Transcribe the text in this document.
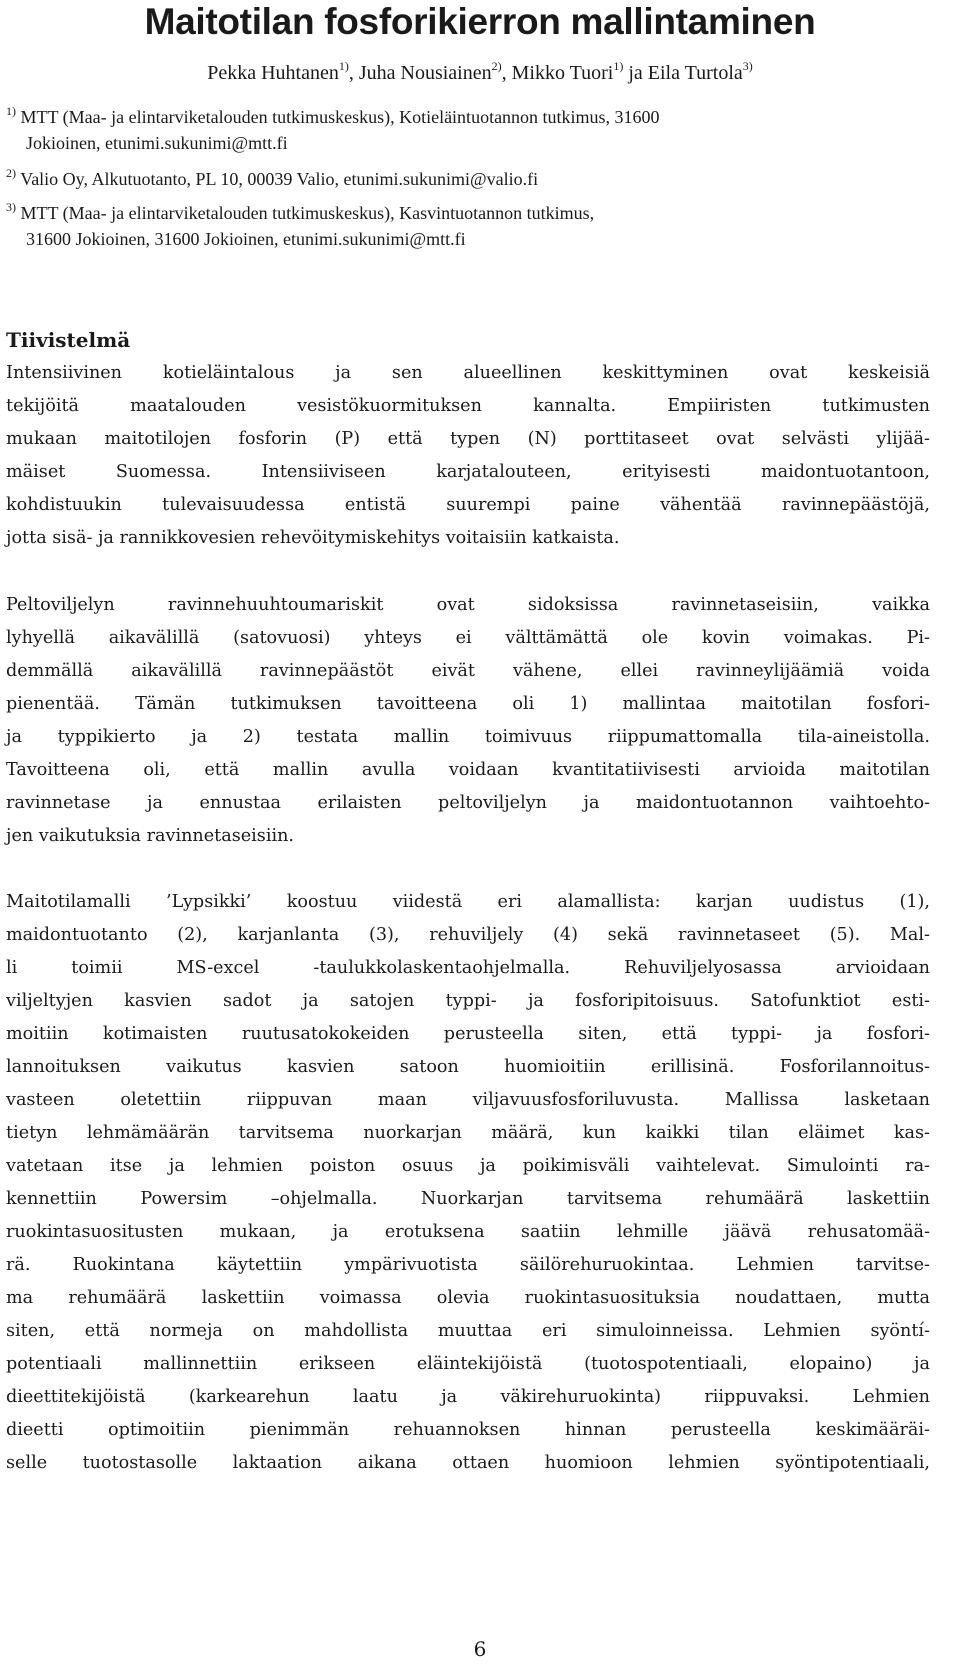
Maitotilan fosforikierron mallintaminen
Pekka Huhtanen$^{1)}$, Juha Nousiainen$^{2)}$, Mikko Tuori$^{1)}$ ja Eila Turtola$^{3)}$
$^{1)}$ MTT (Maa- ja elintarviketalouden tutkimuskeskus), Kotieläintuotannon tutkimus, 31600
Jokioinen, etunimi.sukunimi@mtt.fi
$^{2)}$ Valio Oy, Alkutuotanto, PL 10, 00039 Valio, etunimi.sukunimi@valio.fi
$^{3)}$ MTT (Maa- ja elintarviketalouden tutkimuskeskus), Kasvintuotannon tutkimus,
31600 Jokioinen, 31600 Jokioinen, etunimi.sukunimi@mtt.fi
Tiivistelmä
Intensiivinen kotieläintalous ja sen alueellinen keskittyminen ovat keskeisiä
tekijöitä maatalouden vesistökuormituksen kannalta. Empiiristen tutkimusten
mukaan maitotilojen fosforin (P) että typen (N) porttitaseet ovat selvästi ylijää-
mäiset Suomessa. Intensiiviseen karjatalouteen, erityisesti maidontuotantoon,
kohdistuukin tulevaisuudessa entistä suurempi paine vähentää ravinnepäästöjä,
jotta sisä- ja rannikkovesien rehevöitymiskehitys voitaisiin katkaista.
Peltoviljelyn ravinnehuuhtoumariskit ovat sidoksissa ravinnetaseisiin, vaikka
lyhyellä aikavälillä (satovuosi) yhteys ei välttämättä ole kovin voimakas. Pi-
demmällä aikavälillä ravinnepäästöt eivät vähene, ellei ravinneylijäämiä voida
pienentää. Tämän tutkimuksen tavoitteena oli 1) mallintaa maitotilan fosfori-
ja typpikierto ja 2) testata mallin toimivuus riippumattomalla tila-aineistolla.
Tavoitteena oli, että mallin avulla voidaan kvantitatiivisesti arvioida maitotilan
ravinnetase ja ennustaa erilaisten peltoviljelyn ja maidontuotannon vaihtoehto-
jen vaikutuksia ravinnetaseisiin.
Maitotilamalli ’Lypsikki’ koostuu viidestä eri alamallista: karjan uudistus (1),
maidontuotanto (2), karjanlanta (3), rehuviljely (4) sekä ravinnetaseet (5). Mal-
li toimii MS-excel -taulukkolaskentaohjelmalla. Rehuviljelyosassa arvioidaan
viljeltyjen kasvien sadot ja satojen typpi- ja fosforipitoisuus. Satofunktiot esti-
moitiin kotimaisten ruutusatokokeiden perusteella siten, että typpi- ja fosfori-
lannoituksen vaikutus kasvien satoon huomioitiin erillisinä. Fosforilannoitus-
vasteen oletettiin riippuvan maan viljavuusfosforiluvusta. Mallissa lasketaan
tietyn lehmämäärän tarvitsema nuorkarjan määrä, kun kaikki tilan eläimet kas-
vatetaan itse ja lehmien poiston osuus ja poikimisväli vaihtelevat. Simulointi ra-
kennettiin Powersim –ohjelmalla. Nuorkarjan tarvitsema rehumäärä laskettiin
ruokintasuositusten mukaan, ja erotuksena saatiin lehmille jäävä rehusatomää-
rä. Ruokintana käytettiin ympärivuotista säilörehuruokintaa. Lehmien tarvitse-
ma rehumäärä laskettiin voimassa olevia ruokintasuosituksia noudattaen, mutta
siten, että normeja on mahdollista muuttaa eri simuloinneissa. Lehmien syöntí-
potentiaali mallinnettiin erikseen eläintekijöistä (tuotospotentiaali, elopaino) ja
dieettitekijöistä (karkearehun laatu ja väkirehuruokinta) riippuvaksi. Lehmien
dieetti optimoitiin pienimmän rehuannoksen hinnan perusteella keskimääräi-
selle tuotostasolle laktaation aikana ottaen huomioon lehmien syöntipotentiaali,
6
